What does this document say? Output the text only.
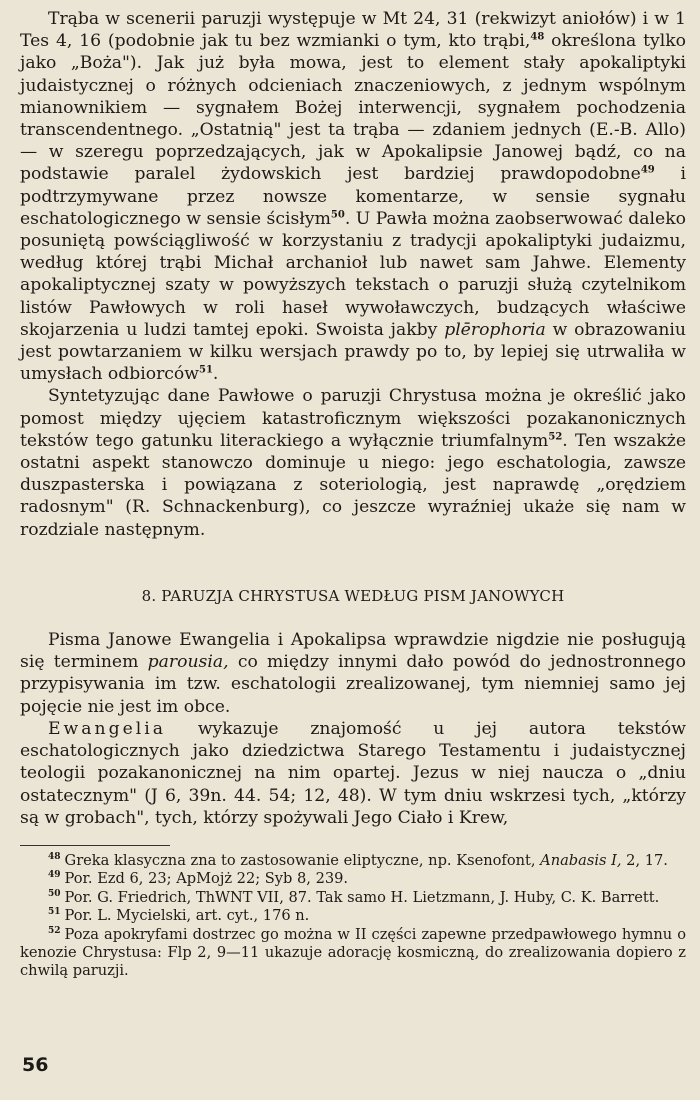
Trąba w scenerii paruzji występuje w Mt 24, 31 (rekwizyt aniołów) i w 1 Tes 4, 16 (podobnie jak tu bez wzmianki o tym, kto trąbi,$^{48}$ określona tylko jako „Boża"). Jak już była mowa, jest to element stały apokaliptyki judaistycznej o różnych odcieniach znaczeniowych, z jednym wspólnym mianownikiem — sygnałem Bożej interwencji, sygnałem pochodzenia transcendentnego. „Ostatnią" jest ta trąba — zdaniem jednych (E.-B. Allo) — w szeregu poprzedzających, jak w Apokalipsie Janowej bądź, co na podstawie paralel żydowskich jest bardziej prawdopodobne$^{49}$ i podtrzymywane przez nowsze komentarze, w sensie sygnału eschatologicznego w sensie ścisłym$^{50}$. U Pawła można zaobserwować daleko posuniętą powściągliwość w korzystaniu z tradycji apokaliptyki judaizmu, według której trąbi Michał archanioł lub nawet sam Jahwe. Elementy apokaliptycznej szaty w powyższych tekstach o paruzji służą czytelnikom listów Pawłowych w roli haseł wywoławczych, budzących właściwe skojarzenia u ludzi tamtej epoki. Swoista jakby plērophoria w obrazowaniu jest powtarzaniem w kilku wersjach prawdy po to, by lepiej się utrwaliła w umysłach odbiorców$^{51}$.

Syntetyzując dane Pawłowe o paruzji Chrystusa można je określić jako pomost między ujęciem katastroficznym większości pozakanonicznych tekstów tego gatunku literackiego a wyłącznie triumfalnym$^{52}$. Ten wszakże ostatni aspekt stanowczo dominuje u niego: jego eschatologia, zawsze duszpasterska i powiązana z soteriologią, jest naprawdę „orędziem radosnym" (R. Schnackenburg), co jeszcze wyraźniej ukaże się nam w rozdziale następnym.

8. PARUZJA CHRYSTUSA WEDŁUG PISM JANOWYCH

Pisma Janowe Ewangelia i Apokalipsa wprawdzie nigdzie nie posługują się terminem parousia, co między innymi dało powód do jednostronnego przypisywania im tzw. eschatologii zrealizowanej, tym niemniej samo jej pojęcie nie jest im obce.

Ewangelia wykazuje znajomość u jej autora tekstów eschatologicznych jako dziedzictwa Starego Testamentu i judaistycznej teologii pozakanonicznej na nim opartej. Jezus w niej naucza o „dniu ostatecznym" (J 6, 39n. 44. 54; 12, 48). W tym dniu wskrzesi tych, „którzy są w grobach", tych, którzy spożywali Jego Ciało i Krew,

$^{48}$ Greka klasyczna zna to zastosowanie eliptyczne, np. Ksenofont, Anabasis I, 2, 17.

$^{49}$ Por. Ezd 6, 23; ApMojż 22; Syb 8, 239.

$^{50}$ Por. G. Friedrich, ThWNT VII, 87. Tak samo H. Lietzmann, J. Huby, C. K. Barrett.

$^{51}$ Por. L. Mycielski, art. cyt., 176 n.

$^{52}$ Poza apokryfami dostrzec go można w II części zapewne przedpawłowego hymnu o kenozie Chrystusa: Flp 2, 9—11 ukazuje adorację kosmiczną, do zrealizowania dopiero z chwilą paruzji.

56
